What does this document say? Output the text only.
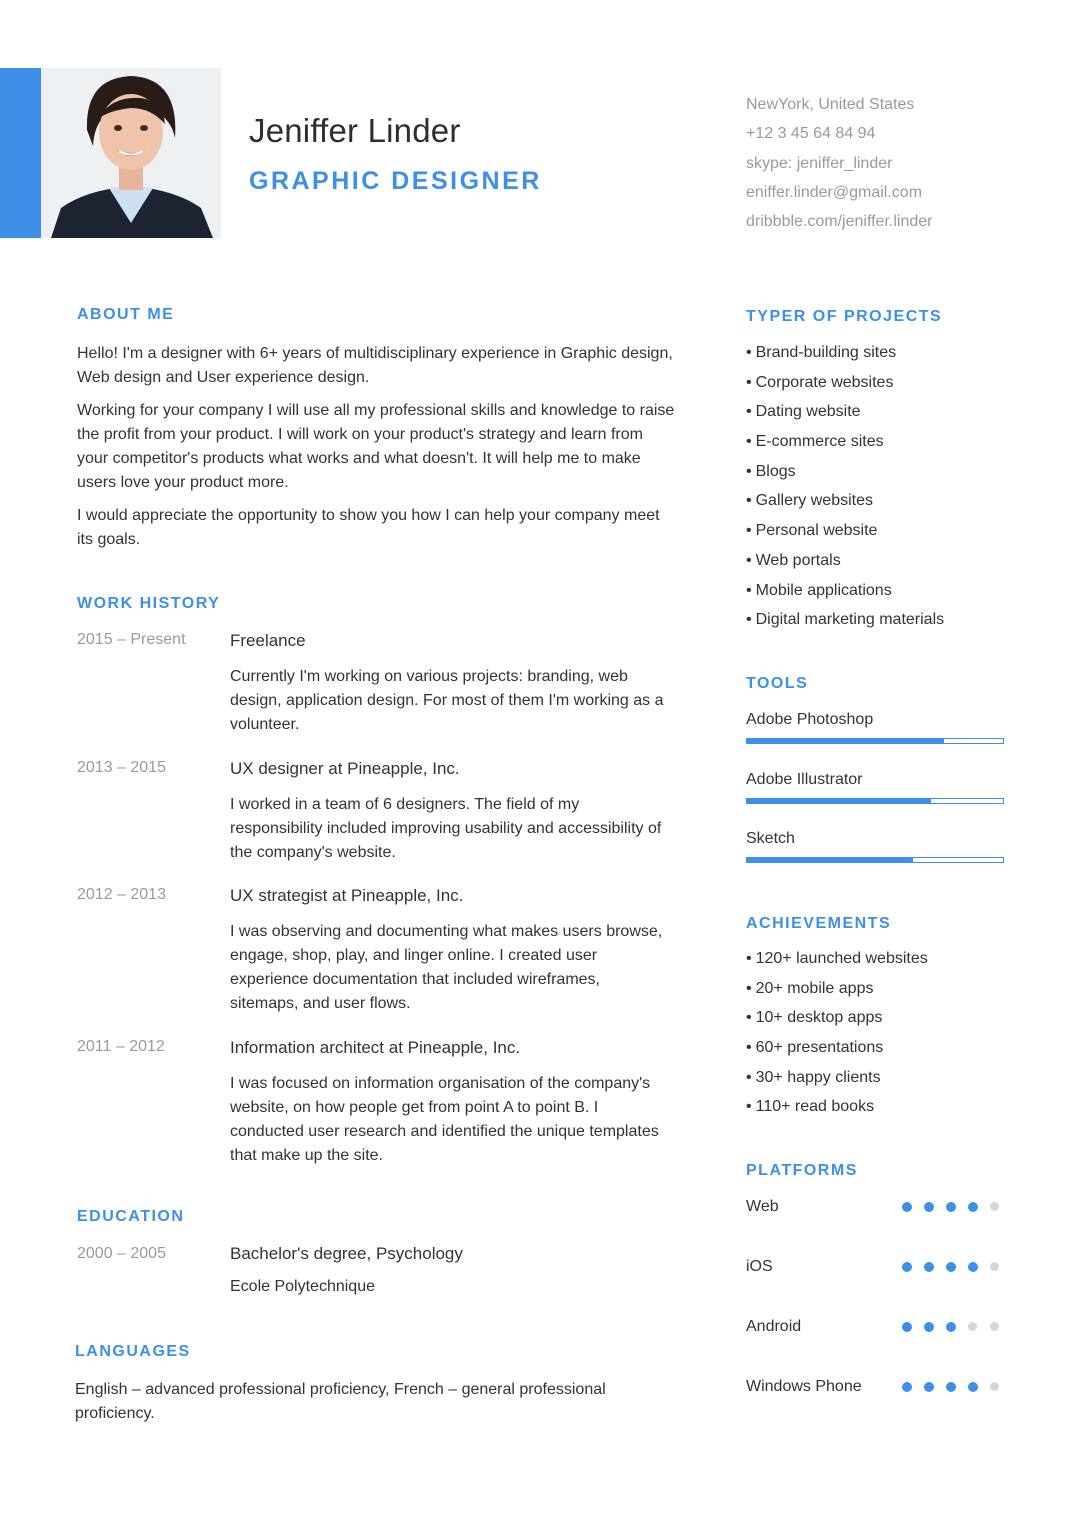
Jeniffer Linder
GRAPHIC DESIGNER
NewYork, United States
+12 3 45 64 84 94
skype: jeniffer_linder
eniffer.linder@gmail.com
dribbble.com/jeniffer.linder
ABOUT ME

Hello! I'm a designer with 6+ years of multidisciplinary experience in Graphic design, Web design and User experience design.

Working for your company I will use all my professional skills and knowledge to raise the profit from your product. I will work on your product's strategy and learn from your competitor's products what works and what doesn't. It will help me to make users love your product more.

I would appreciate the opportunity to show you how I can help your company meet its goals.

WORK HISTORY
2015 – Present	Freelance
Currently I'm working on various projects: branding, web design, application design. For most of them I'm working as a volunteer.
2013 – 2015	UX designer at Pineapple, Inc.
I worked in a team of 6 designers. The field of my responsibility included improving usability and accessibility of the company's website.
2012 – 2013	UX strategist at Pineapple, Inc.
I was observing and documenting what makes users browse, engage, shop, play, and linger online. I created user experience documentation that included wireframes, sitemaps, and user flows.
2011 – 2012	Information architect at Pineapple, Inc.
I was focused on information organisation of the company's website, on how people get from point A to point B. I conducted user research and identified the unique templates that make up the site.
EDUCATION
2000 – 2005	Bachelor's degree, Psychology
Ecole Polytechnique
LANGUAGES

English – advanced professional proficiency, French – general professional proficiency.

TYPER OF PROJECTS
• Brand-building sites
• Corporate websites
• Dating website
• E-commerce sites
• Blogs
• Gallery websites
• Personal website
• Web portals
• Mobile applications
• Digital marketing materials
TOOLS
Adobe Photoshop
Adobe Illustrator
Sketch
ACHIEVEMENTS
• 120+ launched websites
• 20+ mobile apps
• 10+ desktop apps
• 60+ presentations
• 30+ happy clients
• 110+ read books
PLATFORMS
Web
iOS
Android
Windows Phone
